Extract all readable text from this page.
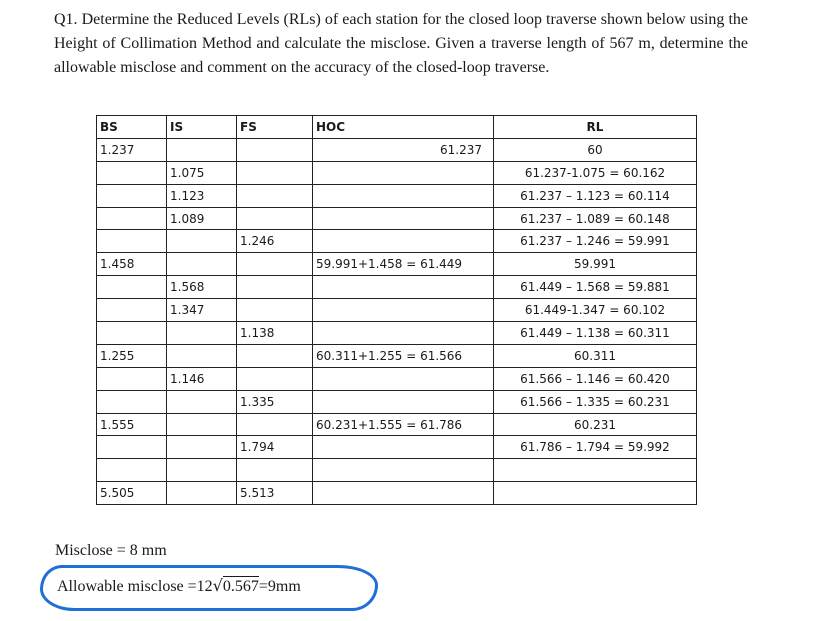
Q1. Determine the Reduced Levels (RLs) of each station for the closed loop traverse shown below using the Height of Collimation Method and calculate the misclose. Given a traverse length of 567 m, determine the allowable misclose and comment on the accuracy of the closed-loop traverse.

BS	IS	FS	HOC	RL
1.237			61.237	60
	1.075			61.237-1.075 = 60.162
	1.123			61.237 – 1.123 = 60.114
	1.089			61.237 – 1.089 = 60.148
		1.246		61.237 – 1.246 = 59.991
1.458			59.991+1.458 = 61.449	59.991
	1.568			61.449 – 1.568 = 59.881
	1.347			61.449-1.347 = 60.102
		1.138		61.449 – 1.138 = 60.311
1.255			60.311+1.255 = 61.566	60.311
	1.146			61.566 – 1.146 = 60.420
		1.335		61.566 – 1.335 = 60.231
1.555			60.231+1.555 = 61.786	60.231
		1.794		61.786 – 1.794 = 59.992

5.505		5.513		
Misclose = 8 mm
Allowable misclose =12√0.567=9mm
